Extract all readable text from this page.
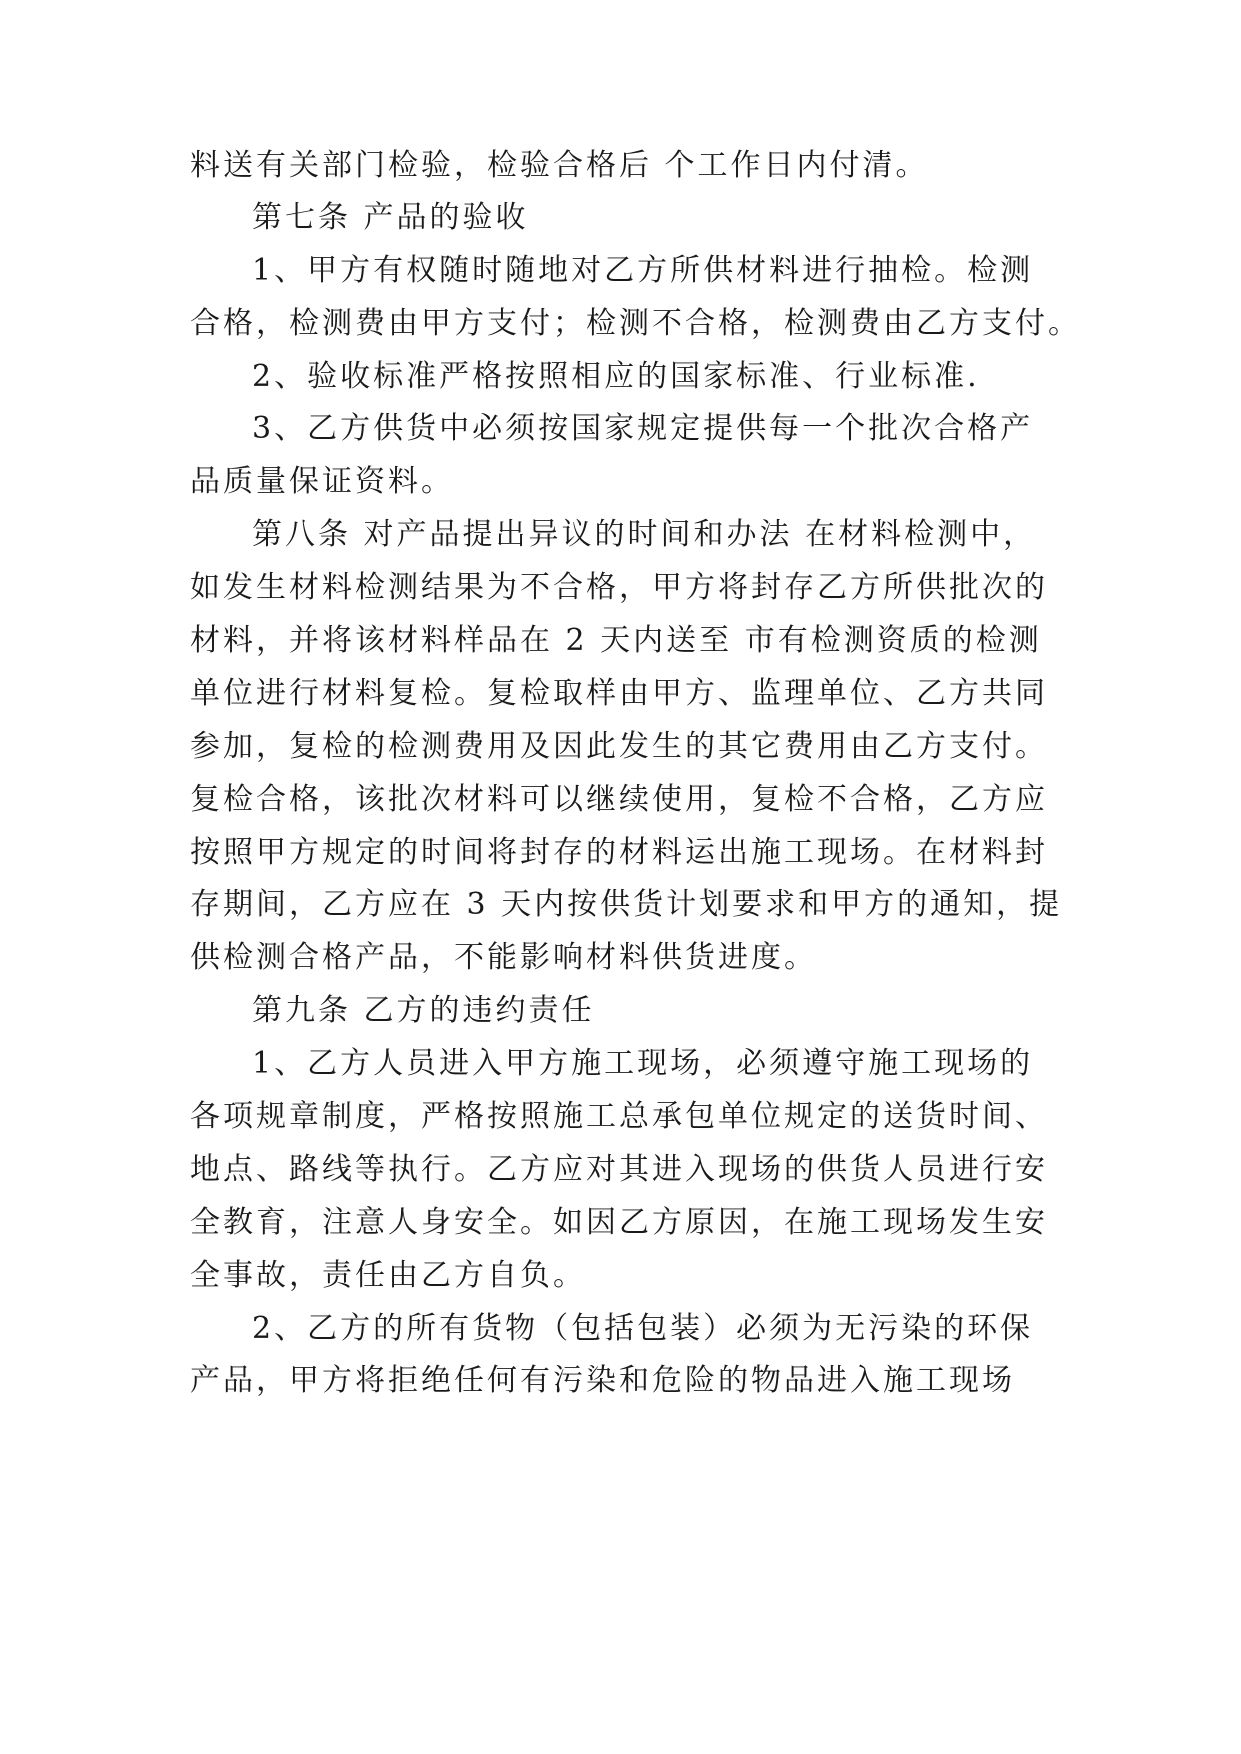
料送有关部门检验，检验合格后 个工作日内付清。
第七条 产品的验收
1、甲方有权随时随地对乙方所供材料进行抽检。检测
合格，检测费由甲方支付；检测不合格，检测费由乙方支付。
2、验收标准严格按照相应的国家标准、行业标准.
3、乙方供货中必须按国家规定提供每一个批次合格产
品质量保证资料。
第八条 对产品提出异议的时间和办法 在材料检测中，
如发生材料检测结果为不合格，甲方将封存乙方所供批次的
材料，并将该材料样品在 2 天内送至 市有检测资质的检测
单位进行材料复检。复检取样由甲方、监理单位、乙方共同
参加，复检的检测费用及因此发生的其它费用由乙方支付。
复检合格，该批次材料可以继续使用，复检不合格，乙方应
按照甲方规定的时间将封存的材料运出施工现场。在材料封
存期间，乙方应在 3 天内按供货计划要求和甲方的通知，提
供检测合格产品，不能影响材料供货进度。
第九条 乙方的违约责任
1、乙方人员进入甲方施工现场，必须遵守施工现场的
各项规章制度，严格按照施工总承包单位规定的送货时间、
地点、路线等执行。乙方应对其进入现场的供货人员进行安
全教育，注意人身安全。如因乙方原因，在施工现场发生安
全事故，责任由乙方自负。
2、乙方的所有货物（包括包装）必须为无污染的环保
产品，甲方将拒绝任何有污染和危险的物品进入施工现场
